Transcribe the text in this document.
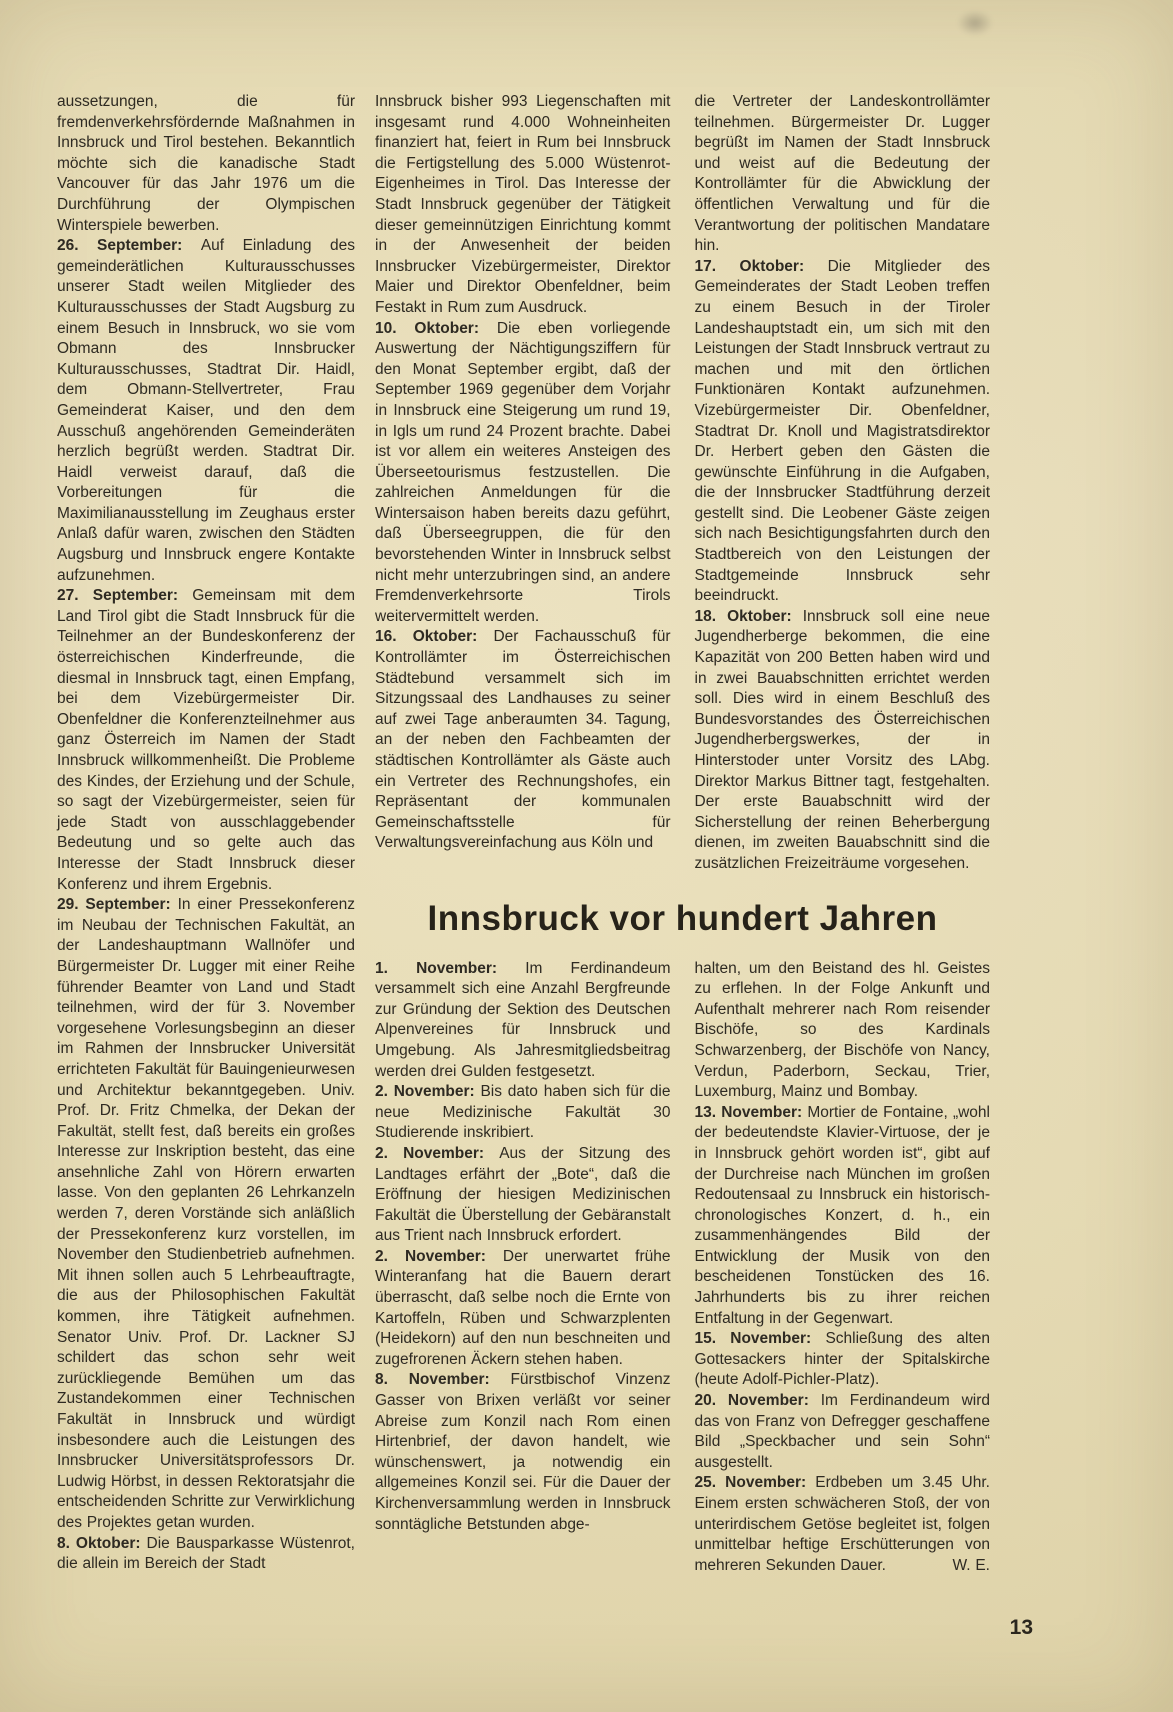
aussetzungen, die für fremdenverkehrsfördernde Maßnahmen in Innsbruck und Tirol bestehen. Bekanntlich möchte sich die kanadische Stadt Vancouver für das Jahr 1976 um die Durchführung der Olympischen Winterspiele bewerben.

26. September: Auf Einladung des gemeinderätlichen Kulturausschusses unserer Stadt weilen Mitglieder des Kulturausschusses der Stadt Augsburg zu einem Besuch in Innsbruck, wo sie vom Obmann des Innsbrucker Kulturausschusses, Stadtrat Dir. Haidl, dem Obmann-Stellvertreter, Frau Gemeinderat Kaiser, und den dem Ausschuß angehörenden Gemeinderäten herzlich begrüßt werden. Stadtrat Dir. Haidl verweist darauf, daß die Vorbereitungen für die Maximilianausstellung im Zeughaus erster Anlaß dafür waren, zwischen den Städten Augsburg und Innsbruck engere Kontakte aufzunehmen.

27. September: Gemeinsam mit dem Land Tirol gibt die Stadt Innsbruck für die Teilnehmer an der Bundeskonferenz der österreichischen Kinderfreunde, die diesmal in Innsbruck tagt, einen Empfang, bei dem Vizebürgermeister Dir. Obenfeldner die Konferenzteilnehmer aus ganz Österreich im Namen der Stadt Innsbruck willkommenheißt. Die Probleme des Kindes, der Erziehung und der Schule, so sagt der Vizebürgermeister, seien für jede Stadt von ausschlaggebender Bedeutung und so gelte auch das Interesse der Stadt Innsbruck dieser Konferenz und ihrem Ergebnis.

29. September: In einer Pressekonferenz im Neubau der Technischen Fakultät, an der Landeshauptmann Wallnöfer und Bürgermeister Dr. Lugger mit einer Reihe führender Beamter von Land und Stadt teilnehmen, wird der für 3. November vorgesehene Vorlesungsbeginn an dieser im Rahmen der Innsbrucker Universität errichteten Fakultät für Bauingenieurwesen und Architektur bekanntgegeben. Univ. Prof. Dr. Fritz Chmelka, der Dekan der Fakultät, stellt fest, daß bereits ein großes Interesse zur Inskription besteht, das eine ansehnliche Zahl von Hörern erwarten lasse. Von den geplanten 26 Lehrkanzeln werden 7, deren Vorstände sich anläßlich der Pressekonferenz kurz vorstellen, im November den Studienbetrieb aufnehmen. Mit ihnen sollen auch 5 Lehrbeauftragte, die aus der Philosophischen Fakultät kommen, ihre Tätigkeit aufnehmen. Senator Univ. Prof. Dr. Lackner SJ schildert das schon sehr weit zurückliegende Bemühen um das Zustandekommen einer Technischen Fakultät in Innsbruck und würdigt insbesondere auch die Leistungen des Innsbrucker Universitätsprofessors Dr. Ludwig Hörbst, in dessen Rektoratsjahr die entscheidenden Schritte zur Verwirklichung des Projektes getan wurden.

8. Oktober: Die Bausparkasse Wüstenrot, die allein im Bereich der Stadt

Innsbruck bisher 993 Liegenschaften mit insgesamt rund 4.000 Wohneinheiten finanziert hat, feiert in Rum bei Innsbruck die Fertigstellung des 5.000 Wüstenrot-Eigenheimes in Tirol. Das Interesse der Stadt Innsbruck gegenüber der Tätigkeit dieser gemeinnützigen Einrichtung kommt in der Anwesenheit der beiden Innsbrucker Vizebürgermeister, Direktor Maier und Direktor Obenfeldner, beim Festakt in Rum zum Ausdruck.

10. Oktober: Die eben vorliegende Auswertung der Nächtigungsziffern für den Monat September ergibt, daß der September 1969 gegenüber dem Vorjahr in Innsbruck eine Steigerung um rund 19, in Igls um rund 24 Prozent brachte. Dabei ist vor allem ein weiteres Ansteigen des Überseetourismus festzustellen. Die zahlreichen Anmeldungen für die Wintersaison haben bereits dazu geführt, daß Überseegruppen, die für den bevorstehenden Winter in Innsbruck selbst nicht mehr unterzubringen sind, an andere Fremdenverkehrsorte Tirols weitervermittelt werden.

16. Oktober: Der Fachausschuß für Kontrollämter im Österreichischen Städtebund versammelt sich im Sitzungssaal des Landhauses zu seiner auf zwei Tage anberaumten 34. Tagung, an der neben den Fachbeamten der städtischen Kontrollämter als Gäste auch ein Vertreter des Rechnungshofes, ein Repräsentant der kommunalen Gemeinschaftsstelle für Verwaltungsvereinfachung aus Köln und

die Vertreter der Landeskontrollämter teilnehmen. Bürgermeister Dr. Lugger begrüßt im Namen der Stadt Innsbruck und weist auf die Bedeutung der Kontrollämter für die Abwicklung der öffentlichen Verwaltung und für die Verantwortung der politischen Mandatare hin.

17. Oktober: Die Mitglieder des Gemeinderates der Stadt Leoben treffen zu einem Besuch in der Tiroler Landeshauptstadt ein, um sich mit den Leistungen der Stadt Innsbruck vertraut zu machen und mit den örtlichen Funktionären Kontakt aufzunehmen. Vizebürgermeister Dir. Obenfeldner, Stadtrat Dr. Knoll und Magistratsdirektor Dr. Herbert geben den Gästen die gewünschte Einführung in die Aufgaben, die der Innsbrucker Stadtführung derzeit gestellt sind. Die Leobener Gäste zeigen sich nach Besichtigungsfahrten durch den Stadtbereich von den Leistungen der Stadtgemeinde Innsbruck sehr beeindruckt.

18. Oktober: Innsbruck soll eine neue Jugendherberge bekommen, die eine Kapazität von 200 Betten haben wird und in zwei Bauabschnitten errichtet werden soll. Dies wird in einem Beschluß des Bundesvorstandes des Österreichischen Jugendherbergswerkes, der in Hinterstoder unter Vorsitz des LAbg. Direktor Markus Bittner tagt, festgehalten. Der erste Bauabschnitt wird der Sicherstellung der reinen Beherbergung dienen, im zweiten Bauabschnitt sind die zusätzlichen Freizeiträume vorgesehen.

Innsbruck vor hundert Jahren

1. November: Im Ferdinandeum versammelt sich eine Anzahl Bergfreunde zur Gründung der Sektion des Deutschen Alpenvereines für Innsbruck und Umgebung. Als Jahresmitgliedsbeitrag werden drei Gulden festgesetzt.

2. November: Bis dato haben sich für die neue Medizinische Fakultät 30 Studierende inskribiert.

2. November: Aus der Sitzung des Landtages erfährt der „Bote“, daß die Eröffnung der hiesigen Medizinischen Fakultät die Überstellung der Gebäranstalt aus Trient nach Innsbruck erfordert.

2. November: Der unerwartet frühe Winteranfang hat die Bauern derart überrascht, daß selbe noch die Ernte von Kartoffeln, Rüben und Schwarzplenten (Heidekorn) auf den nun beschneiten und zugefrorenen Äckern stehen haben.

8. November: Fürstbischof Vinzenz Gasser von Brixen verläßt vor seiner Abreise zum Konzil nach Rom einen Hirtenbrief, der davon handelt, wie wünschenswert, ja notwendig ein allgemeines Konzil sei. Für die Dauer der Kirchenversammlung werden in Innsbruck sonntägliche Betstunden abge-

halten, um den Beistand des hl. Geistes zu erflehen. In der Folge Ankunft und Aufenthalt mehrerer nach Rom reisender Bischöfe, so des Kardinals Schwarzenberg, der Bischöfe von Nancy, Verdun, Paderborn, Seckau, Trier, Luxemburg, Mainz und Bombay.

13. November: Mortier de Fontaine, „wohl der bedeutendste Klavier-Virtuose, der je in Innsbruck gehört worden ist“, gibt auf der Durchreise nach München im großen Redoutensaal zu Innsbruck ein historisch-chronologisches Konzert, d. h., ein zusammenhängendes Bild der Entwicklung der Musik von den bescheidenen Tonstücken des 16. Jahrhunderts bis zu ihrer reichen Entfaltung in der Gegenwart.

15. November: Schließung des alten Gottesackers hinter der Spitalskirche (heute Adolf-Pichler-Platz).

20. November: Im Ferdinandeum wird das von Franz von Defregger geschaffene Bild „Speckbacher und sein Sohn“ ausgestellt.

25. November: Erdbeben um 3.45 Uhr. Einem ersten schwächeren Stoß, der von unterirdischem Getöse begleitet ist, folgen unmittelbar heftige Erschütterungen von mehreren Sekunden Dauer.	W. E.

13
